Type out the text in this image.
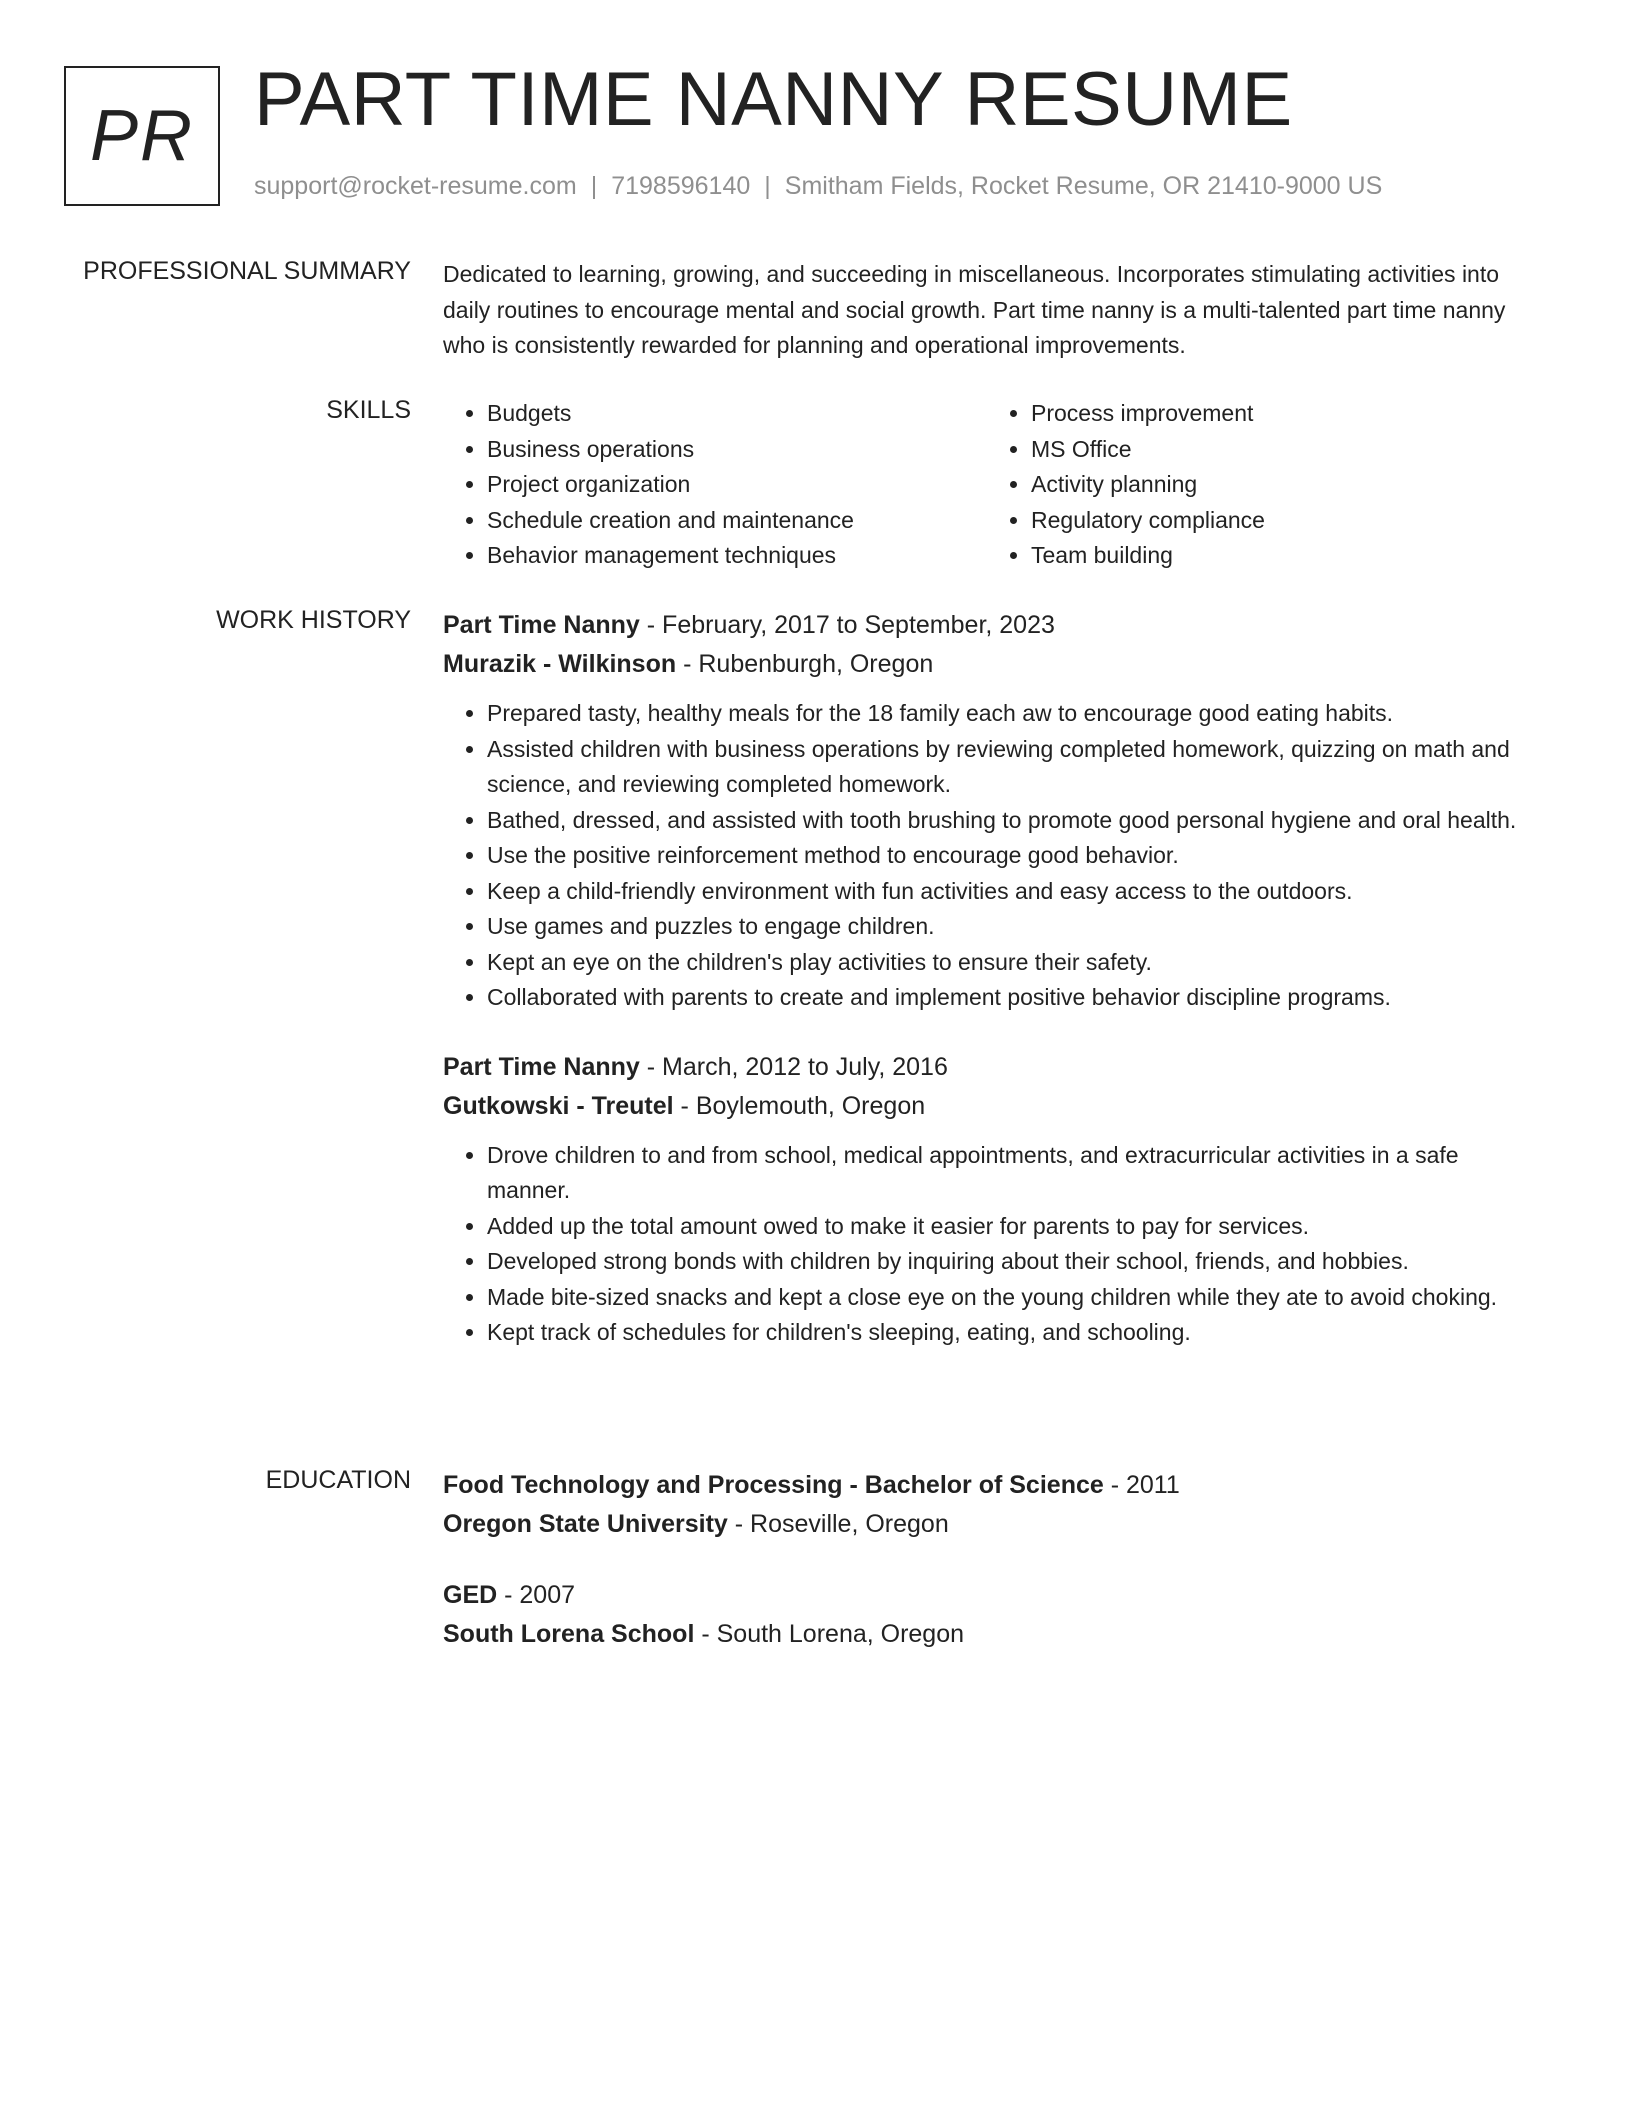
PR PART TIME NANNY RESUME
support@rocket-resume.com | 7198596140 | Smitham Fields, Rocket Resume, OR 21410-9000 US
PROFESSIONAL SUMMARY Dedicated to learning, growing, and succeeding in miscellaneous. Incorporates stimulating activities into daily routines to encourage mental and social growth. Part time nanny is a multi-talented part time nanny who is consistently rewarded for planning and operational improvements.

SKILLS
•	Budgets
• Business operations
• Project organization
• Schedule creation and maintenance
• Behavior management techniques
• Process improvement
• MS Office
• Activity planning
• Regulatory compliance
• Team building
WORK HISTORY Part Time Nanny - February, 2017 to September, 2023

Murazik - Wilkinson - Rubenburgh, Oregon

• Prepared tasty, healthy meals for the 18 family each aw to encourage good eating habits.
• Assisted children with business operations by reviewing completed homework, quizzing on math and science, and reviewing completed homework.
• Bathed, dressed, and assisted with tooth brushing to promote good personal hygiene and oral health.
• Use the positive reinforcement method to encourage good behavior.
• Keep a child-friendly environment with fun activities and easy access to the outdoors.
• Use games and puzzles to engage children.
• Kept an eye on the children's play activities to ensure their safety.
• Collaborated with parents to create and implement positive behavior discipline programs.

Part Time Nanny - March, 2012 to July, 2016

Gutkowski - Treutel - Boylemouth, Oregon

• Drove children to and from school, medical appointments, and extracurricular activities in a safe manner.
• Added up the total amount owed to make it easier for parents to pay for services.
• Developed strong bonds with children by inquiring about their school, friends, and hobbies.
• Made bite-sized snacks and kept a close eye on the young children while they ate to avoid choking.
• Kept track of schedules for children's sleeping, eating, and schooling.
EDUCATION Food Technology and Processing - Bachelor of Science - 2011

Oregon State University - Roseville, Oregon

GED - 2007

South Lorena School - South Lorena, Oregon
